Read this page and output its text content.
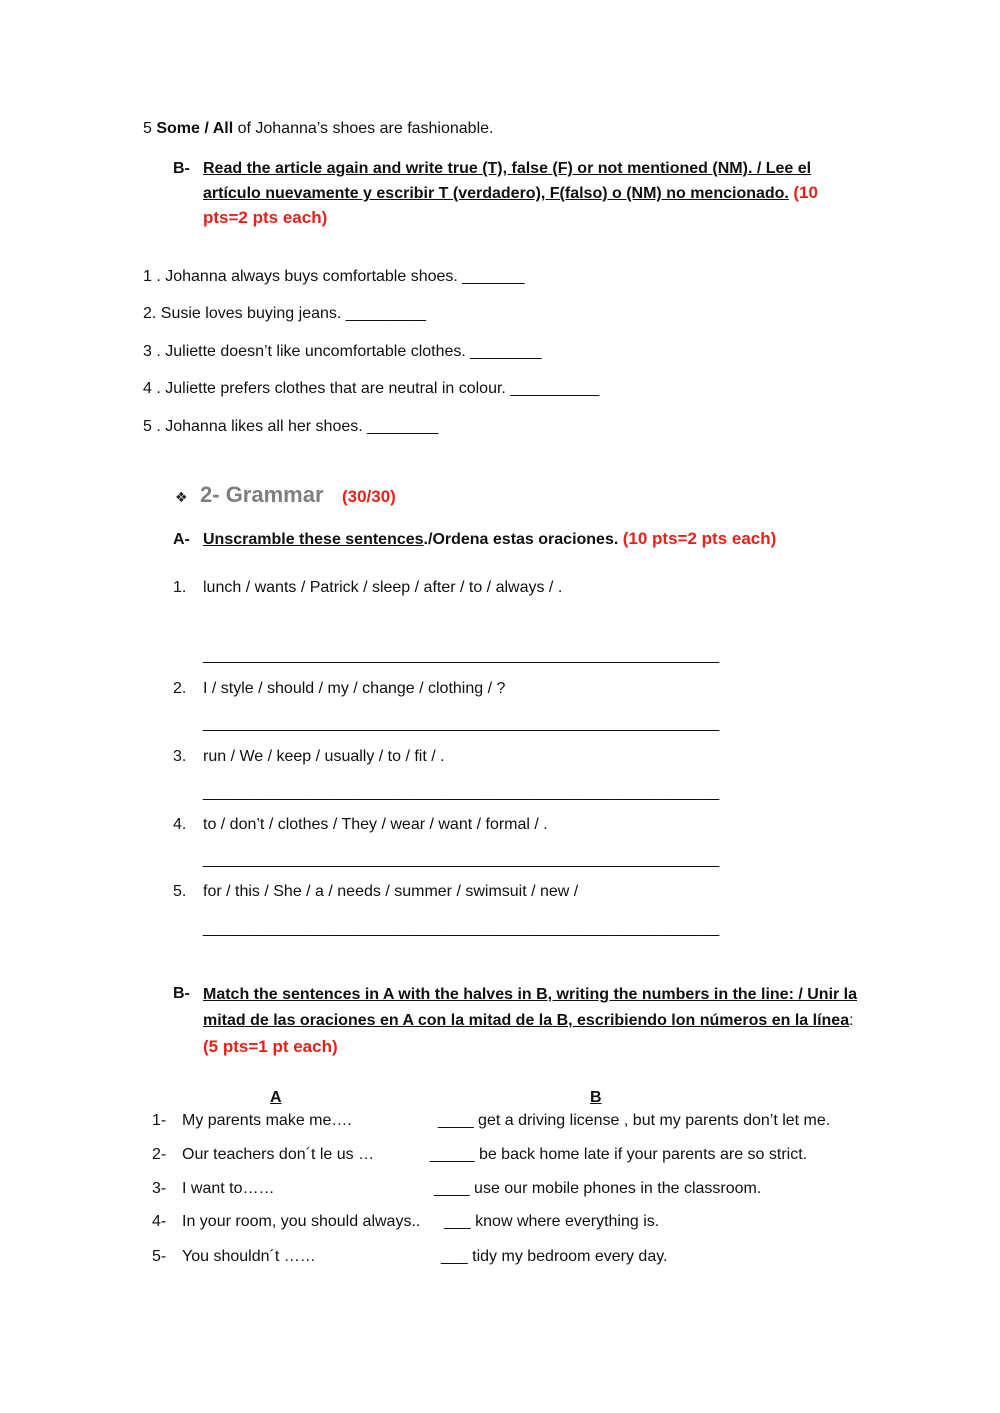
5 Some / All of Johanna’s shoes are fashionable.
B- Read the article again and write true (T), false (F) or not mentioned (NM). / Lee el artículo nuevamente y escribir T (verdadero), F(falso) o (NM) no mencionado. (10 pts=2 pts each)
1 . Johanna always buys comfortable shoes. _______
2. Susie loves buying jeans. _________
3 . Juliette doesn’t like uncomfortable clothes. ________
4 . Juliette prefers clothes that are neutral in colour. __________
5 . Johanna likes all her shoes. ________
❖ 2- Grammar (30/30)
A- Unscramble these sentences./Ordena estas oraciones. (10 pts=2 pts each)
1. lunch / wants / Patrick / sleep / after / to / always / .
__________________________________________________________
2. I / style / should / my / change / clothing / ?
__________________________________________________________
3. run / We / keep / usually / to / fit / .
__________________________________________________________
4. to / don’t / clothes / They / wear / want / formal / .
__________________________________________________________
5. for / this / She / a / needs / summer / swimsuit / new /
__________________________________________________________
B- Match the sentences in A with the halves in B, writing the numbers in the line: / Unir la mitad de las oraciones en A con la mitad de la B, escribiendo lon números en la línea:(5 pts=1 pt each)
A	B
1- My parents make me….	____ get a driving license , but my parents don’t let me.
2- Our teachers don´t le us …	_____ be back home late if your parents are so strict.
3- I want to……	____ use our mobile phones in the classroom.
4- In your room, you should always.. ___ know where everything is.
5- You shouldn´t ……	___ tidy my bedroom every day.
